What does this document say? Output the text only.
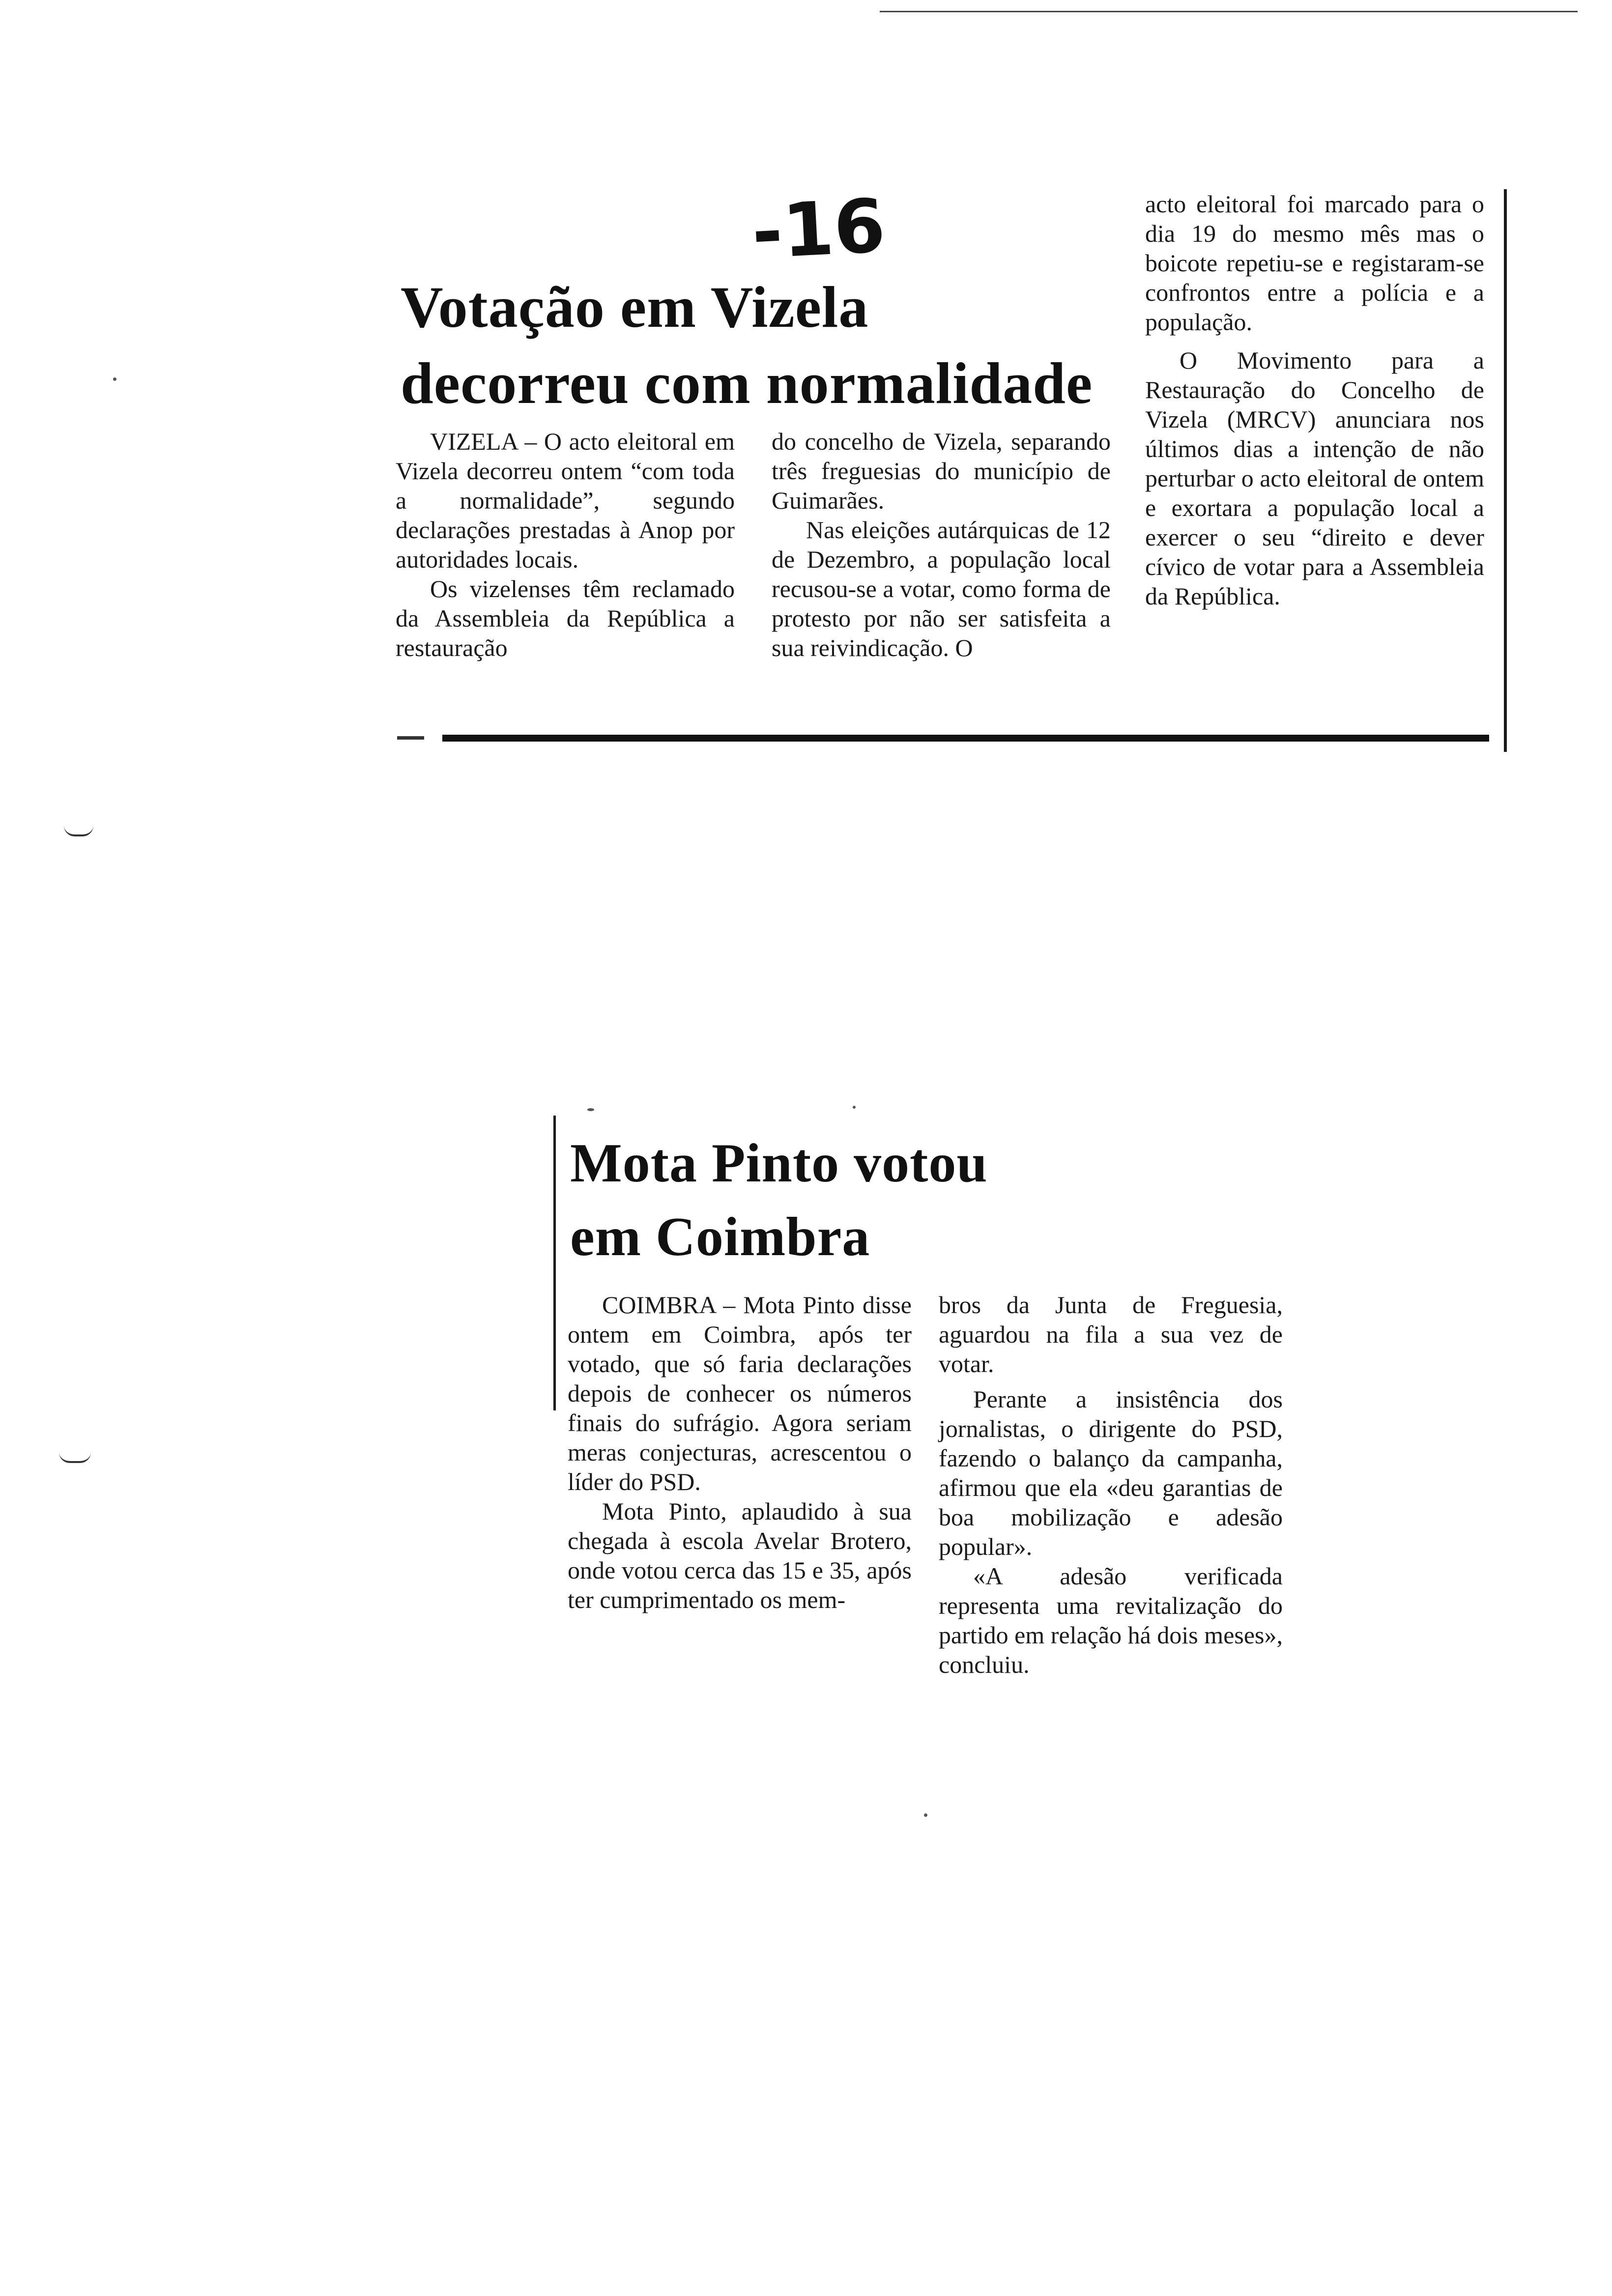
-16
Votação em Vizela
decorreu com normalidade

VIZELA – O acto eleitoral em Vizela decorreu ontem “com toda a normalidade”, segundo declarações prestadas à Anop por autoridades locais.

Os vizelenses têm reclamado da Assembleia da República a restauração

do concelho de Vizela, separando três freguesias do município de Guimarães.

Nas eleições autárquicas de 12 de Dezembro, a população local recusou-se a votar, como forma de protesto por não ser satisfeita a sua reivindicação. O

acto eleitoral foi marcado para o dia 19 do mesmo mês mas o boicote repetiu-se e registaram-se confrontos entre a polícia e a população.

O Movimento para a Restauração do Concelho de Vizela (MRCV) anunciara nos últimos dias a intenção de não perturbar o acto eleitoral de ontem e exortara a população local a exercer o seu “direito e dever cívico de votar para a Assembleia da República.

Mota Pinto votou
em Coimbra

COIMBRA – Mota Pinto disse ontem em Coimbra, após ter votado, que só faria declarações depois de conhecer os números finais do sufrágio. Agora seriam meras conjecturas, acrescentou o líder do PSD.

Mota Pinto, aplaudido à sua chegada à escola Avelar Brotero, onde votou cerca das 15 e 35, após ter cumprimentado os mem-

bros da Junta de Freguesia, aguardou na fila a sua vez de votar.

Perante a insistência dos jornalistas, o dirigente do PSD, fazendo o balanço da campanha, afirmou que ela «deu garantias de boa mobilização e adesão popular».

«A adesão verificada representa uma revitalização do partido em relação há dois meses», concluiu.
